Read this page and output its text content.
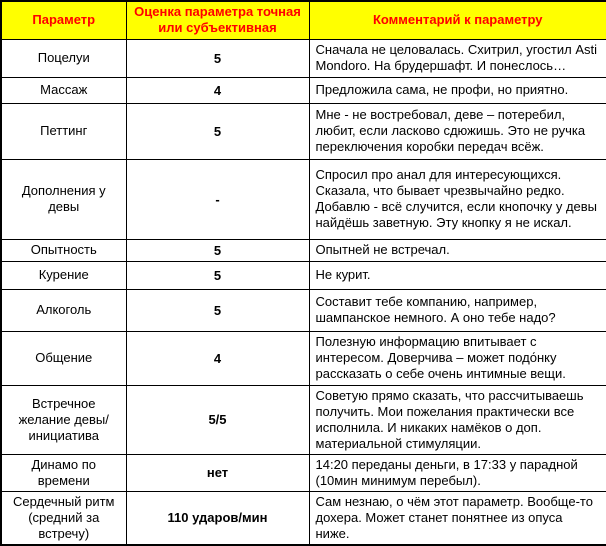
Параметр	Оценка параметра точная или субъективная	Комментарий к параметру
Поцелуи	5	Сначала не целовалась. Схитрил, угостил Asti Mondoro. На брудершафт. И понеслось…
Массаж	4	Предложила сама, не профи, но приятно.
Петтинг	5	Мне - не востребовал, деве – потеребил, любит, если ласково сдюжишь. Это не ручка переключения коробки передач всёж.
Дополнения у девы	-	Спросил про анал для интересующихся. Сказала, что бывает чрезвычайно редко. Добавлю - всё случится, если кнопочку у девы найдёшь заветную. Эту кнопку я не искал.
Опытность	5	Опытней не встречал.
Курение	5	Не курит.
Алкоголь	5	Составит тебе компанию, например, шампанское немного. А оно тебе надо?
Общение	4	Полезную информацию впитывает с интересом. Доверчива – может подо́нку рассказать о себе очень интимные вещи.
Встречное желание девы/ инициатива	5/5	Советую прямо сказать, что рассчитываешь получить. Мои пожелания практически все исполнила. И никаких намёков о доп. материальной стимуляции.
Динамо по времени	нет	14:20 переданы деньги, в 17:33 у парадной (10мин минимум перебыл).
Сердечный ритм (средний за встречу)	110 ударов/мин	Сам незнаю, о чём этот параметр. Вообще-то дохера. Может станет понятнее из опуса ниже.
